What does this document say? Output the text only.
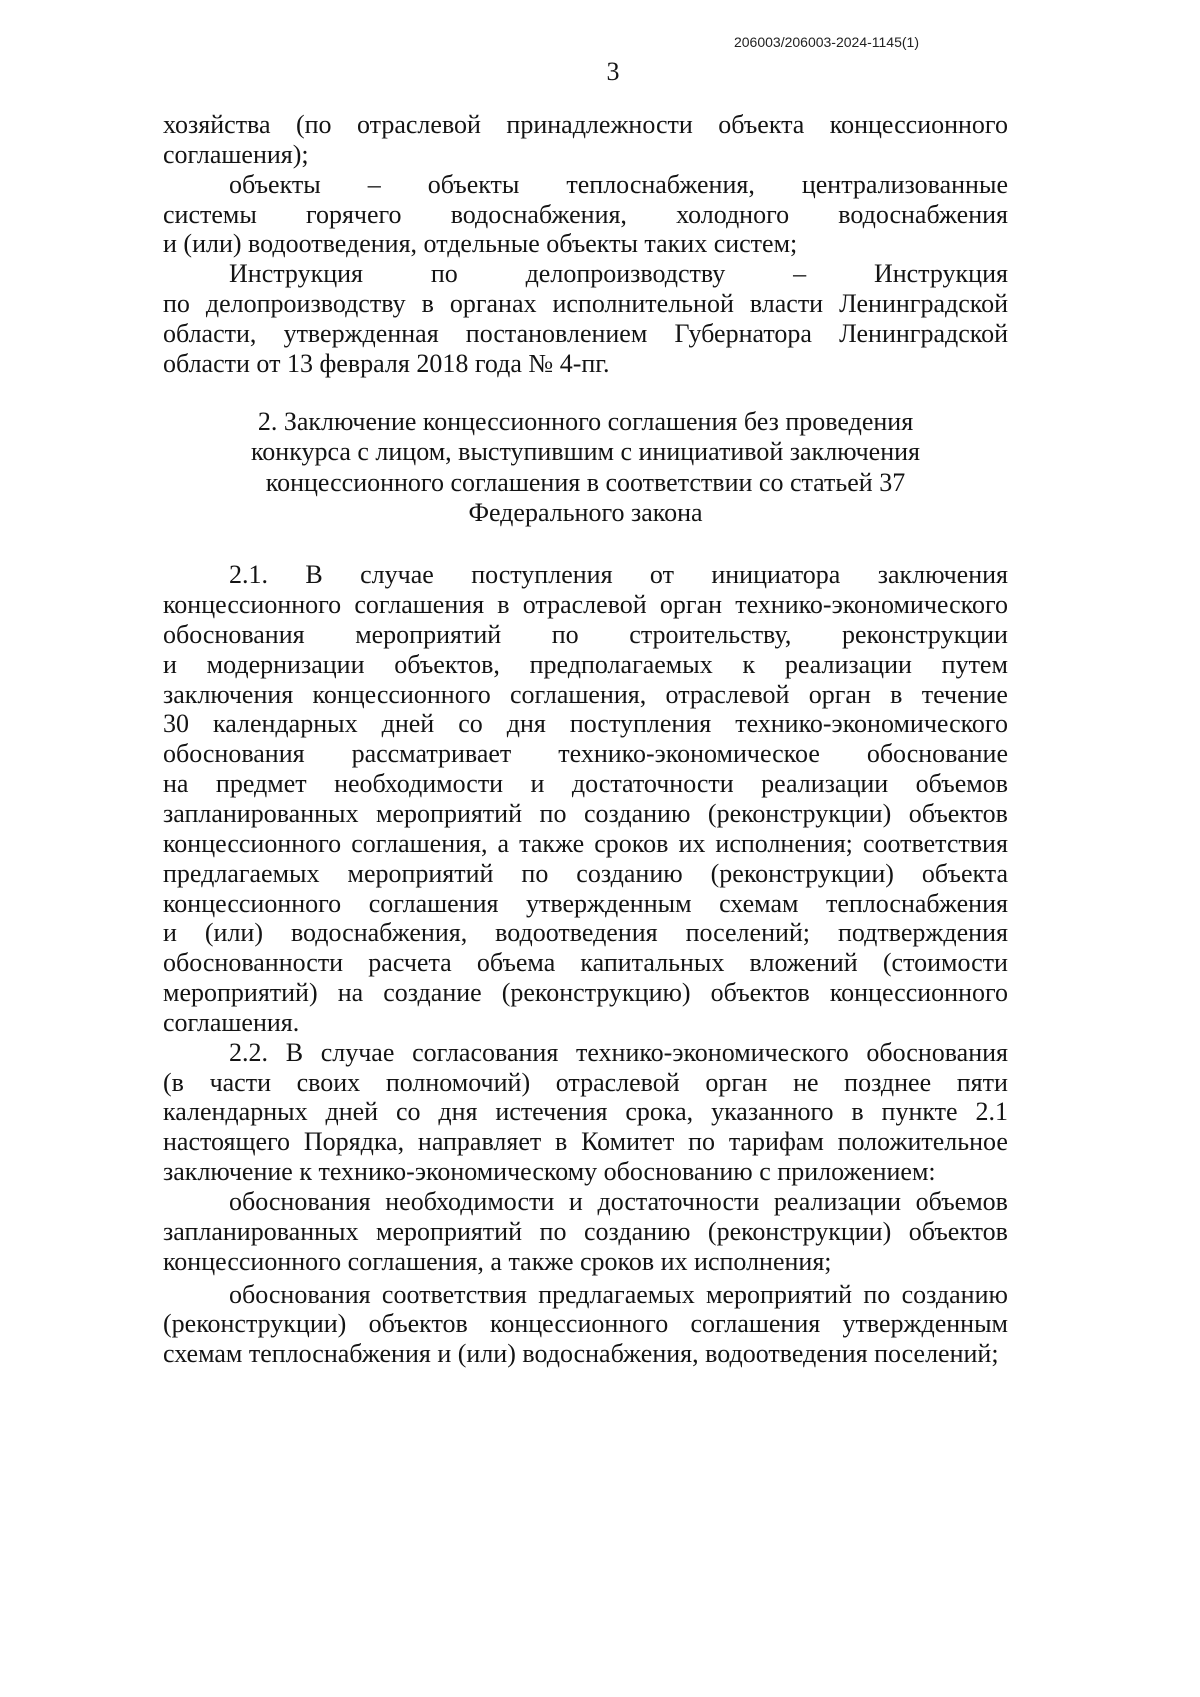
206003/206003-2024-1145(1)
3

хозяйства (по отраслевой принадлежности объекта концессионного
соглашения);

объекты – объекты теплоснабжения, централизованные
системы горячего водоснабжения, холодного водоснабжения
и (или) водоотведения, отдельные объекты таких систем;

Инструкция	по	делопроизводству	–	Инструкция
по делопроизводству в органах исполнительной власти Ленинградской
области, утвержденная постановлением Губернатора Ленинградской
области от 13 февраля 2018 года № 4-пг.

2. Заключение концессионного соглашения без проведения
конкурса с лицом, выступившим с инициативой заключения
концессионного соглашения в соответствии со статьей 37
Федерального закона

2.1. В случае поступления от инициатора заключения
концессионного соглашения в отраслевой орган технико-экономического
обоснования мероприятий по строительству, реконструкции
и модернизации объектов, предполагаемых к реализации путем
заключения концессионного соглашения, отраслевой орган в течение
30 календарных дней со дня поступления технико-экономического
обоснования рассматривает технико-экономическое обоснование
на предмет необходимости и достаточности реализации объемов
запланированных мероприятий по созданию (реконструкции) объектов
концессионного соглашения, а также сроков их исполнения; соответствия
предлагаемых мероприятий по созданию (реконструкции) объекта
концессионного соглашения утвержденным схемам теплоснабжения
и (или) водоснабжения, водоотведения поселений; подтверждения
обоснованности расчета объема капитальных вложений (стоимости
мероприятий) на создание (реконструкцию) объектов концессионного
соглашения.

2.2. В случае согласования технико-экономического обоснования
(в части своих полномочий) отраслевой орган не позднее пяти
календарных дней со дня истечения срока, указанного в пункте 2.1
настоящего Порядка, направляет в Комитет по тарифам положительное
заключение к технико-экономическому обоснованию с приложением:

обоснования необходимости и достаточности реализации объемов
запланированных мероприятий по созданию (реконструкции) объектов
концессионного соглашения, а также сроков их исполнения;

обоснования соответствия предлагаемых мероприятий по созданию
(реконструкции) объектов концессионного соглашения утвержденным
схемам теплоснабжения и (или) водоснабжения, водоотведения поселений;
